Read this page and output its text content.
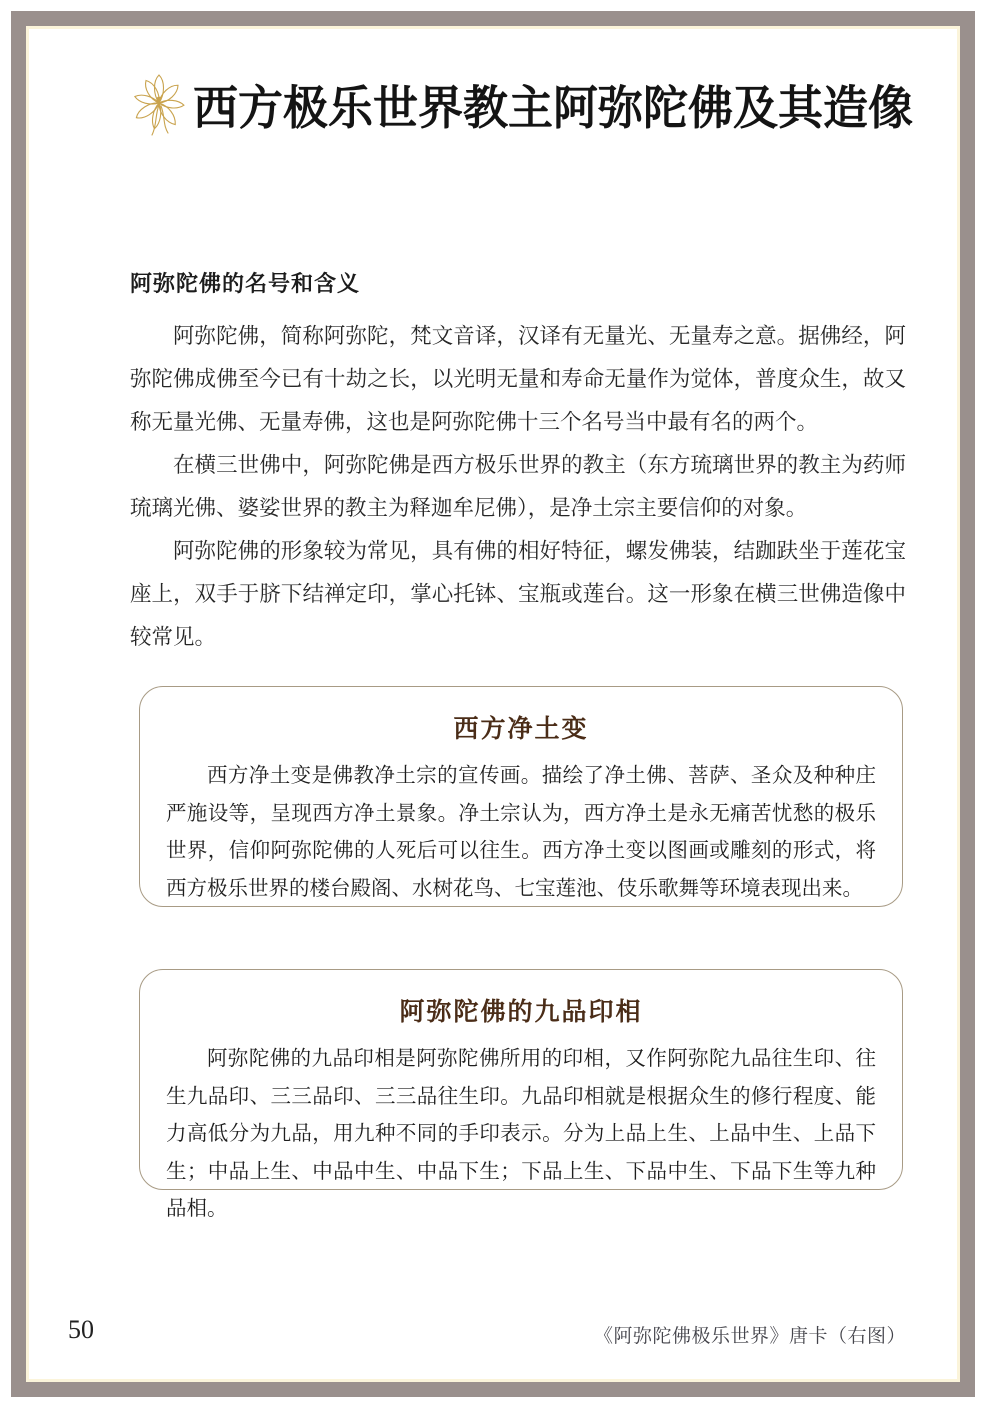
西方极乐世界教主阿弥陀佛及其造像
阿弥陀佛的名号和含义

阿弥陀佛，简称阿弥陀，梵文音译，汉译有无量光、无量寿之意。据佛经，阿弥陀佛成佛至今已有十劫之长，以光明无量和寿命无量作为觉体，普度众生，故又称无量光佛、无量寿佛，这也是阿弥陀佛十三个名号当中最有名的两个。

在横三世佛中，阿弥陀佛是西方极乐世界的教主（东方琉璃世界的教主为药师琉璃光佛、婆娑世界的教主为释迦牟尼佛），是净土宗主要信仰的对象。

阿弥陀佛的形象较为常见，具有佛的相好特征，螺发佛装，结跏趺坐于莲花宝座上，双手于脐下结禅定印，掌心托钵、宝瓶或莲台。这一形象在横三世佛造像中较常见。

西方净土变
西方净土变是佛教净土宗的宣传画。描绘了净土佛、菩萨、圣众及种种庄严施设等，呈现西方净土景象。净土宗认为，西方净土是永无痛苦忧愁的极乐世界，信仰阿弥陀佛的人死后可以往生。西方净土变以图画或雕刻的形式，将西方极乐世界的楼台殿阁、水树花鸟、七宝莲池、伎乐歌舞等环境表现出来。
阿弥陀佛的九品印相
阿弥陀佛的九品印相是阿弥陀佛所用的印相，又作阿弥陀九品往生印、往生九品印、三三品印、三三品往生印。九品印相就是根据众生的修行程度、能力高低分为九品，用九种不同的手印表示。分为上品上生、上品中生、上品下生；中品上生、中品中生、中品下生；下品上生、下品中生、下品下生等九种品相。
50	《阿弥陀佛极乐世界》唐卡（右图）
